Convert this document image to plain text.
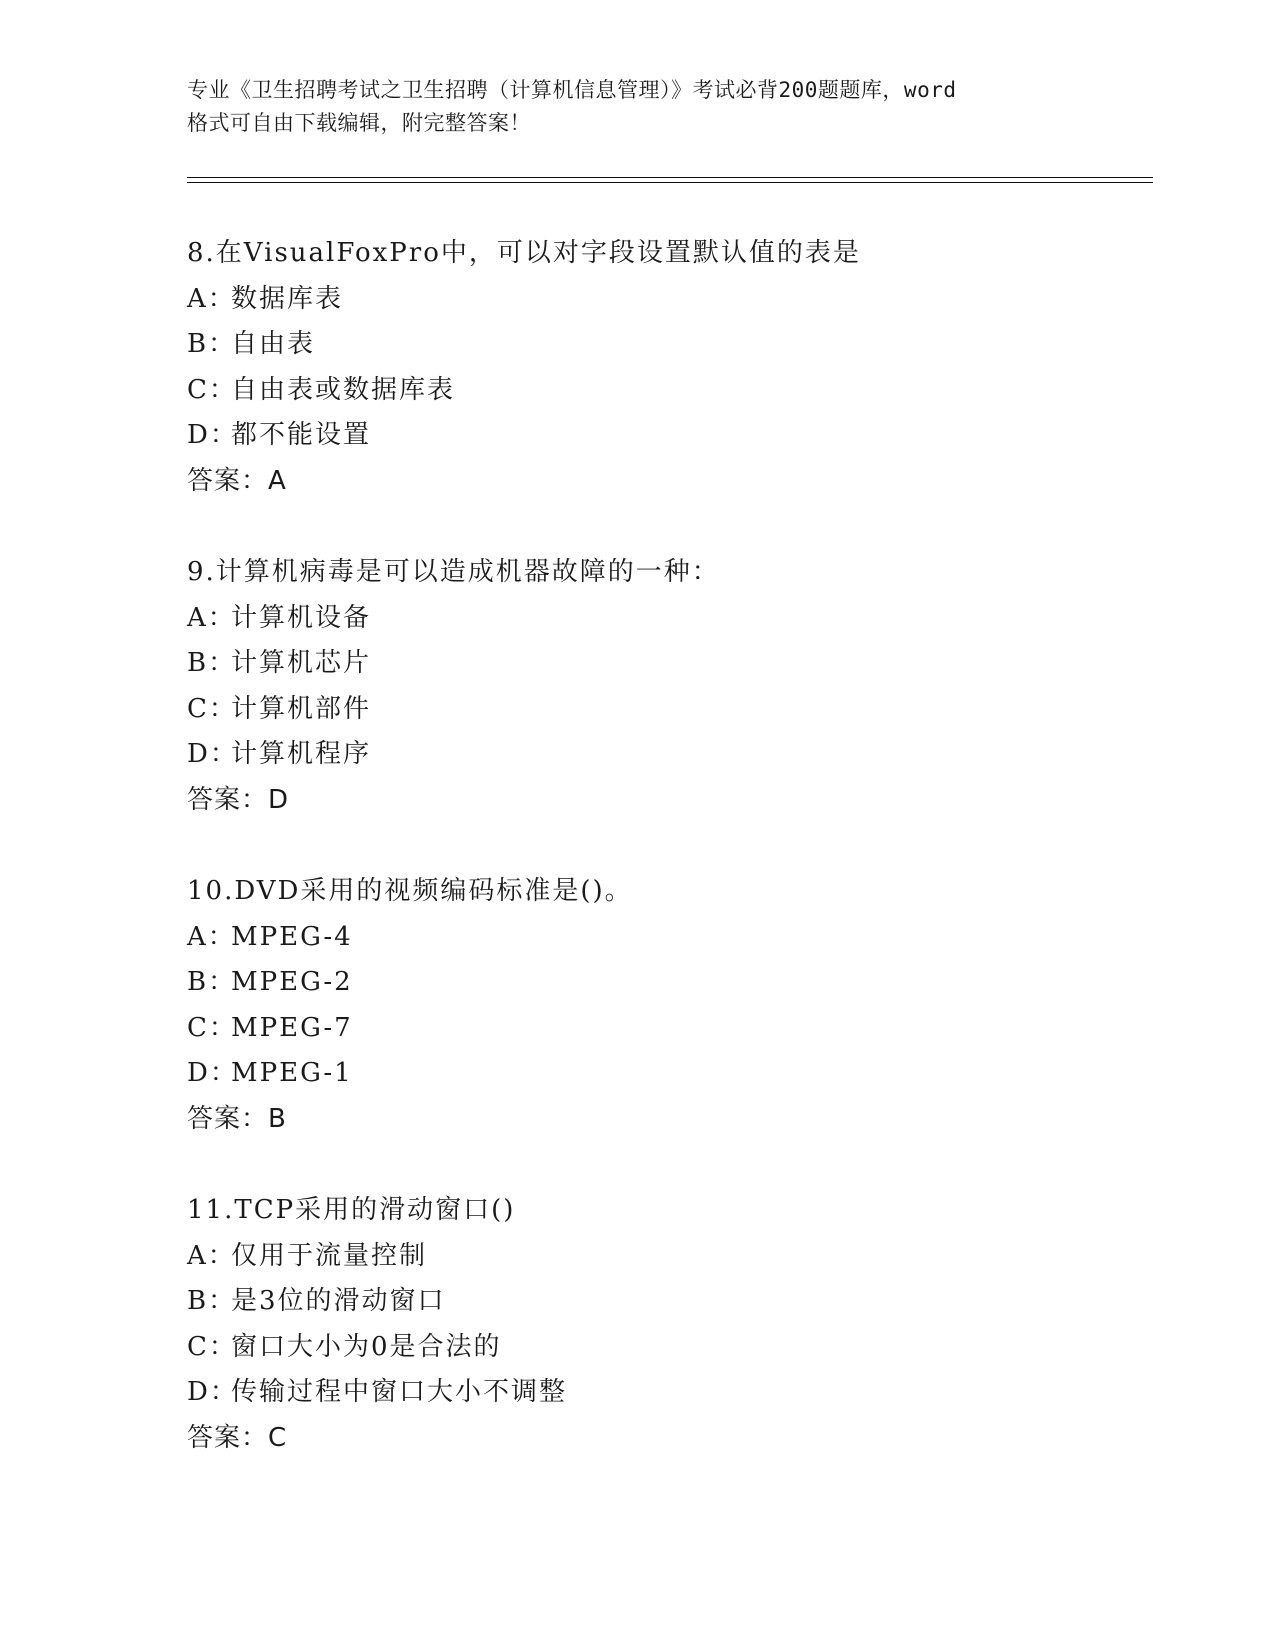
专业《卫生招聘考试之卫生招聘（计算机信息管理）》考试必背200题题库，word
格式可自由下载编辑，附完整答案！
8.在VisualFoxPro中，可以对字段设置默认值的表是
A：数据库表
B：自由表
C：自由表或数据库表
D：都不能设置
答案：A
9.计算机病毒是可以造成机器故障的一种：
A：计算机设备
B：计算机芯片
C：计算机部件
D：计算机程序
答案：D
10.DVD采用的视频编码标准是()。
A：MPEG-4
B：MPEG-2
C：MPEG-7
D：MPEG-1
答案：B
11.TCP采用的滑动窗口()
A：仅用于流量控制
B：是3位的滑动窗口
C：窗口大小为0是合法的
D：传输过程中窗口大小不调整
答案：C
